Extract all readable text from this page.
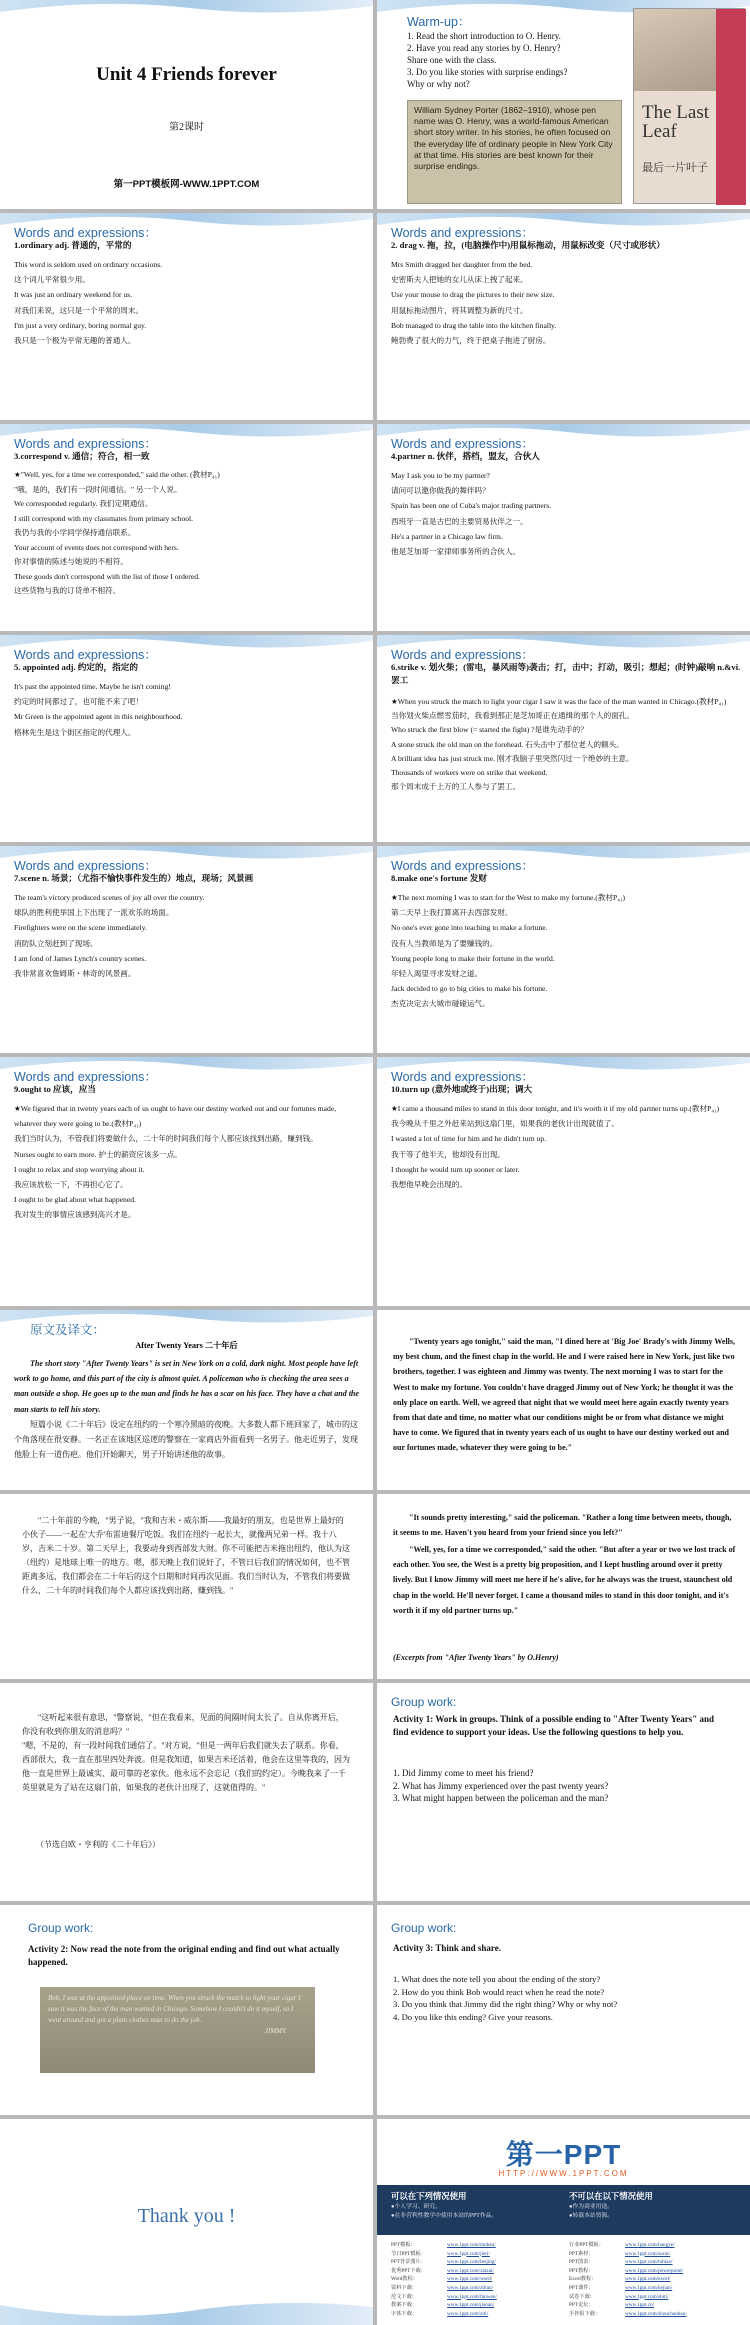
Unit 4 Friends forever
第2课时
第一PPT模板网-WWW.1PPT.COM
Warm-up：

1. Read the short introduction to O. Henry.

2. Have you read any stories by O. Henry?

Share one with the class.

3. Do you like stories with surprise endings?

Why or why not?

William Sydney Porter (1862–1910), whose pen name was O. Henry, was a world-famous American short story writer. In his stories, he often focused on the everyday life of ordinary people in New York City at that time. His stories are best known for their surprise endings.
The Last Leaf
最后一片叶子
Words and expressions：
1.ordinary adj. 普通的，平常的

This word is seldom used on ordinary occasions.

这个词儿平常很少用。

It was just an ordinary weekend for us.

对我们来说，这只是一个平常的周末。

I'm just a very ordinary, boring normal guy.

我只是一个极为平常无趣的普通人。

Words and expressions：
2. drag v. 拖，拉，(电脑操作中)用鼠标拖动，用鼠标改变（尺寸或形状）

Mrs Smith dragged her daughter from the bed.

史密斯夫人把她的女儿从床上拽了起来。

Use your mouse to drag the pictures to their new size.

用鼠标拖动图片，将其调整为新的尺寸。

Bob managed to drag the table into the kitchen finally.

鲍勃费了很大的力气，终于把桌子拖进了厨房。

Words and expressions：
3.correspond v. 通信；符合，相一致

★"Well, yes, for a time we corresponded," said the other. (教材P₄₁)

"哦，是的，我们有一段时间通信。" 另一个人说。

We corresponded regularly. 我们定期通信。

I still correspond with my classmates from primary school.

我仍与我的小学同学保持通信联系。

Your account of events does not correspond with hers.

你对事情的陈述与她说的不相符。

These goods don't correspond with the list of those I ordered.

这些货物与我的订货单不相符。

Words and expressions：
4.partner n. 伙伴，搭档，盟友，合伙人

May I ask you to be my partner?

请问可以邀你做我的舞伴吗？

Spain has been one of Cuba's major trading partners.

西班牙一直是古巴的主要贸易伙伴之一。

He's a partner in a Chicago law firm.

他是芝加哥一家律师事务所的合伙人。

Words and expressions：
5. appointed adj. 约定的，指定的

It's past the appointed time. Maybe he isn't coming!

约定的时间都过了，也可能不来了吧！

Mr Green is the appointed agent in this neighbourhood.

格林先生是这个街区指定的代理人。

Words and expressions：
6.strike v. 划火柴；(雷电，暴风雨等)袭击；打，击中；打动，吸引；想起；(时钟)敲响 n.&vi. 罢工

★When you struck the match to light your cigar I saw it was the face of the man wanted in Chicago.(教材P₄₁)

当你划火柴点燃雪茄时，我看到那正是芝加哥正在通缉的那个人的面孔。

Who struck the first blow (= started the fight) ?是谁先动手的？

A stone struck the old man on the forehead. 石头击中了那位老人的额头。

A brilliant idea has just struck me. 刚才我脑子里突然闪过一个绝妙的主意。

Thousands of workers were on strike that weekend.

那个周末成千上万的工人参与了罢工。

Words and expressions：
7.scene n. 场景；（尤指不愉快事件发生的）地点，现场；风景画

The team's victory produced scenes of joy all over the country.

球队的胜利使举国上下出现了一派欢乐的场面。

Firefighters were on the scene immediately.

消防队立刻赶到了现场。

I am fond of James Lynch's country scenes.

我非常喜欢詹姆斯・林奇的风景画。

Words and expressions：
8.make one's fortune 发财

★The next morning I was to start for the West to make my fortune.(教材P₄₁)

第二天早上我打算离开去西部发财。

No one's ever gone into teaching to make a fortune.

没有人当教师是为了要赚钱的。

Young people long to make their fortune in the world.

年轻人渴望寻求发财之道。

Jack decided to go to big cities to make his fortune.

杰克决定去大城市碰碰运气。

Words and expressions：
9.ought to 应该，应当

★We figured that in twenty years each of us ought to have our destiny worked out and our fortunes made, whatever they were going to be.(教材P₄₁)

我们当时认为，不管我们将要做什么，二十年的时间我们每个人都应该找到出路，赚到钱。

Nurses ought to earn more. 护士的薪资应该多一点。

I ought to relax and stop worrying about it.

我应该放松一下，不再担心它了。

I ought to be glad about what happened.

我对发生的事情应该感到高兴才是。

Words and expressions：
10.turn up (意外地或终于)出现；调大

★I came a thousand miles to stand in this door tonight, and it's worth it if my old partner turns up.(教材P₄₁)

我今晚从千里之外赶来站到这扇门里，如果我的老伙计出现就值了。

I wasted a lot of time for him and he didn't turn up.

我干等了他半天，他却没有出现。

I thought he would turn up sooner or later.

我想他早晚会出现的。

原文及译文：
After Twenty Years 二十年后
The short story "After Twenty Years" is set in New York on a cold, dark night. Most people have left work to go home, and this part of the city is almost quiet. A policeman who is checking the area sees a man outside a shop. He goes up to the man and finds he has a scar on his face. They have a chat and the man starts to tell his story.
短篇小说《二十年后》设定在纽约的一个寒冷黑暗的夜晚。大多数人都下班回家了，城市的这个角落现在很安静。一名正在该地区巡逻的警察在一家商店外面看到一名男子。他走近男子，发现他脸上有一道伤疤。他们开始聊天，男子开始讲述他的故事。
"Twenty years ago tonight," said the man, "I dined here at 'Big Joe' Brady's with Jimmy Wells, my best chum, and the finest chap in the world. He and I were raised here in New York, just like two brothers, together. I was eighteen and Jimmy was twenty. The next morning I was to start for the West to make my fortune. You couldn't have dragged Jimmy out of New York; he thought it was the only place on earth. Well, we agreed that night that we would meet here again exactly twenty years from that date and time, no matter what our conditions might be or from what distance we might have to come. We figured that in twenty years each of us ought to have our destiny worked out and our fortunes made, whatever they were going to be."
"二十年前的今晚，"男子说，"我和吉米・威尔斯——我最好的朋友，也是世界上最好的小伙子——一起在'大乔'布雷迪餐厅吃饭。我们在纽约一起长大，就像两兄弟一样。我十八岁，吉米二十岁。第二天早上，我要动身到西部发大财。你不可能把吉米拖出纽约，他认为这（纽约）是地球上唯一的地方。嗯，那天晚上我们说好了，不管日后我们的情况如何，也不管距离多远，我们都会在二十年后的这个日期和时间再次见面。我们当时认为，不管我们将要做什么，二十年的时间我们每个人都应该找到出路，赚到钱。"
"It sounds pretty interesting," said the policeman. "Rather a long time between meets, though, it seems to me. Haven't you heard from your friend since you left?"
"Well, yes, for a time we corresponded," said the other. "But after a year or two we lost track of each other. You see, the West is a pretty big proposition, and I kept hustling around over it pretty lively. But I know Jimmy will meet me here if he's alive, for he always was the truest, staunchest old chap in the world. He'll never forget. I came a thousand miles to stand in this door tonight, and it's worth it if my old partner turns up."
(Excerpts from "After Twenty Years" by O.Henry)
"这听起来很有意思，"警察说，"但在我看来，见面的间隔时间太长了。自从你离开后，你没有收到你朋友的消息吗？"
"嗯，不是的，有一段时间我们通信了。"对方说，"但是一两年后我们就失去了联系。你看，西部很大，我一直在那里四处奔波。但是我知道，如果吉米还活着，他会在这里等我的，因为他一直是世界上最诚实、最可靠的老家伙。他永远不会忘记（我们的约定）。今晚我来了一千英里就是为了站在这扇门前，如果我的老伙计出现了，这就值得的。"
（节选自欧・亨利的《二十年后》）
Group work:
Activity 1: Work in groups. Think of a possible ending to "After Twenty Years" and find evidence to support your ideas. Use the following questions to help you.

1. Did Jimmy come to meet his friend?

2. What has Jimmy experienced over the past twenty years?

3. What might happen between the policeman and the man?

Group work:
Activity 2: Now read the note from the original ending and find out what actually happened.
Bob, I was at the appointed place on time. When you struck the match to light your cigar I saw it was the face of the man wanted in Chicago. Somehow I couldn't do it myself, so I went around and got a plain clothes man to do the job.

JIMMY.
Group work:
Activity 3: Think and share.

1. What does the note tell you about the ending of the story?

2. How do you think Bob would react when he read the note?

3. Do you think that Jimmy did the right thing? Why or why not?

4. Do you like this ending? Give your reasons.

Thank you !
第一PPT
HTTP://WWW.1PPT.COM
可以在下列情况使用

●个人学习、研究。

●在非营利性教学中使用本站的PPT作品。

不可以在以下情况使用

●作为商业用途。

●转载本站资源。

PPT模板：	www.1ppt.com/moban/
节日PPT模板：	www.1ppt.com/jieri/
PPT背景图片：	www.1ppt.com/beijing/
优秀PPT下载：	www.1ppt.com/xiazai/
Word教程：	www.1ppt.com/word/
资料下载：	www.1ppt.com/ziliao/
范文下载：	www.1ppt.com/fanwen/
教案下载：	www.1ppt.com/jiaoan/
字体下载：	www.1ppt.com/ziti/
行业PPT模板：	www.1ppt.com/hangye/
PPT素材：	www.1ppt.com/sucai/
PPT图表：	www.1ppt.com/tubiao/
PPT教程：	www.1ppt.com/powerpoint/
Excel教程：	www.1ppt.com/excel/
PPT课件：	www.1ppt.com/kejian/
试卷下载：	www.1ppt.com/shiti/
PPT论坛：	www.1ppt.cn/
手抄报下载：	www.1ppt.com/shouchaobao/
